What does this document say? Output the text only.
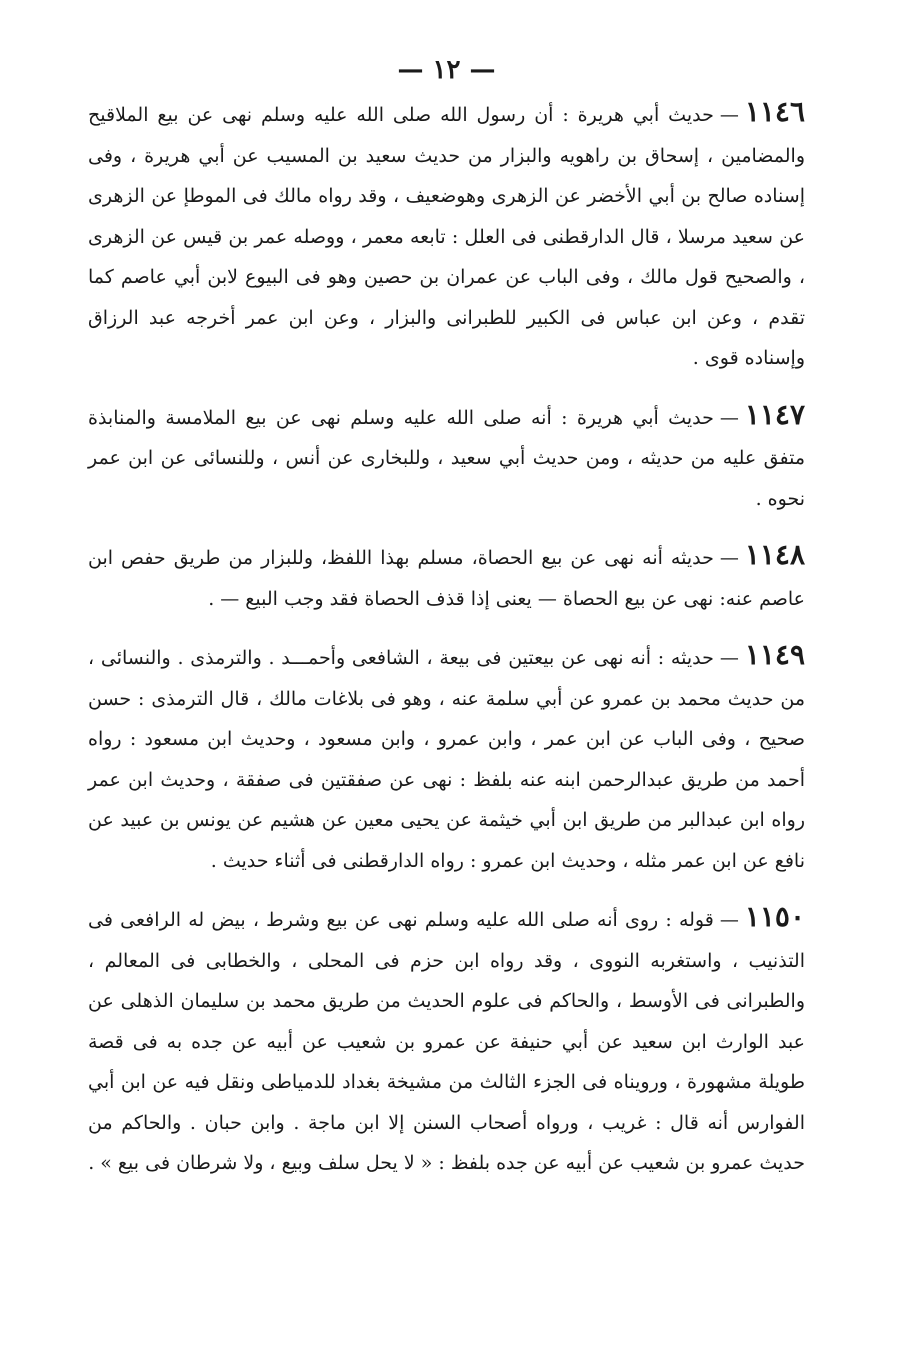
— ١٢ —

١١٤٦—حديث أبي هريرة : أن رسول الله صلى الله عليه وسلم نهى عن بيع الملاقيح والمضامين ، إسحاق بن راهويه والبزار من حديث سعيد بن المسيب عن أبي هريرة ، وفى إسناده صالح بن أبي الأخضر عن الزهرى وهوضعيف ، وقد رواه مالك فى الموطإ عن الزهرى عن سعيد مرسلا ، قال الدارقطنى فى العلل : تابعه معمر ، ووصله عمر بن قيس عن الزهرى ، والصحيح قول مالك ، وفى الباب عن عمران بن حصين وهو فى البيوع لابن أبي عاصم كما تقدم ، وعن ابن عباس فى الكبير للطبرانى والبزار ، وعن ابن عمر أخرجه عبد الرزاق وإسناده قوى .

١١٤٧—حديث أبي هريرة : أنه صلى الله عليه وسلم نهى عن بيع الملامسة والمنابذة متفق عليه من حديثه ، ومن حديث أبي سعيد ، وللبخارى عن أنس ، وللنسائى عن ابن عمر نحوه .

١١٤٨—حديثه أنه نهى عن بيع الحصاة، مسلم بهذا اللفظ، وللبزار من طريق حفص ابن عاصم عنه: نهى عن بيع الحصاة — يعنى إذا قذف الحصاة فقد وجب البيع — .

١١٤٩—حديثه : أنه نهى عن بيعتين فى بيعة ، الشافعى وأحمـــد . والترمذى . والنسائى ، من حديث محمد بن عمرو عن أبي سلمة عنه ، وهو فى بلاغات مالك ، قال الترمذى : حسن صحيح ، وفى الباب عن ابن عمر ، وابن عمرو ، وابن مسعود ، وحديث ابن مسعود : رواه أحمد من طريق عبدالرحمن ابنه عنه بلفظ : نهى عن صفقتين فى صفقة ، وحديث ابن عمر رواه ابن عبدالبر من طريق ابن أبي خيثمة عن يحيى معين عن هشيم عن يونس بن عبيد عن نافع عن ابن عمر مثله ، وحديث ابن عمرو : رواه الدارقطنى فى أثناء حديث .

١١٥٠—قوله : روى أنه صلى الله عليه وسلم نهى عن بيع وشرط ، بيض له الرافعى فى التذنيب ، واستغربه النووى ، وقد رواه ابن حزم فى المحلى ، والخطابى فى المعالم ، والطبرانى فى الأوسط ، والحاكم فى علوم الحديث من طريق محمد بن سليمان الذهلى عن عبد الوارث ابن سعيد عن أبي حنيفة عن عمرو بن شعيب عن أبيه عن جده به فى قصة طويلة مشهورة ، ورويناه فى الجزء الثالث من مشيخة بغداد للدمياطى ونقل فيه عن ابن أبي الفوارس أنه قال : غريب ، ورواه أصحاب السنن إلا ابن ماجة . وابن حبان . والحاكم من حديث عمرو بن شعيب عن أبيه عن جده بلفظ : « لا يحل سلف وبيع ، ولا شرطان فى بيع » .
